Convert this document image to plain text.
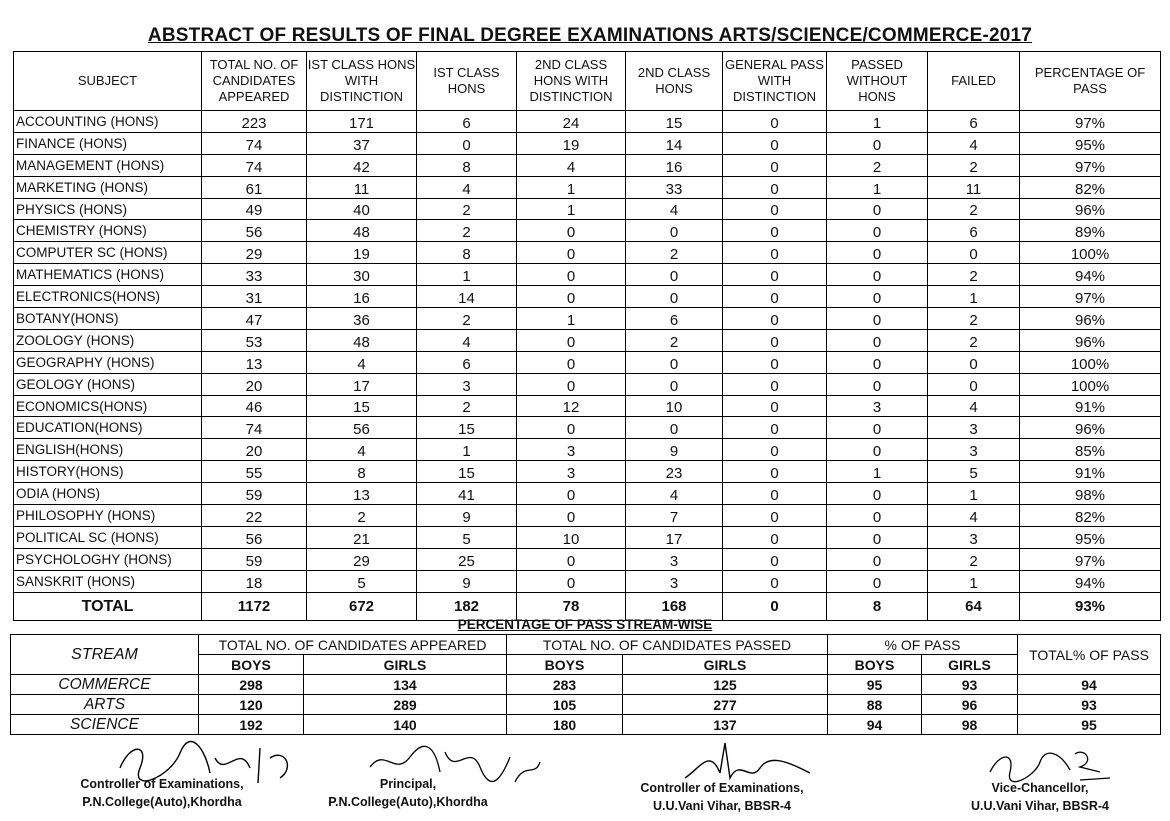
ABSTRACT OF RESULTS OF FINAL DEGREE EXAMINATIONS ARTS/SCIENCE/COMMERCE-2017
SUBJECT	TOTAL NO. OF CANDIDATES APPEARED	IST CLASS HONS WITH DISTINCTION	IST CLASS HONS	2ND CLASS HONS WITH DISTINCTION	2ND CLASS HONS	GENERAL PASS WITH DISTINCTION	PASSED WITHOUT HONS	FAILED	PERCENTAGE OF PASS
ACCOUNTING (HONS)	223	171	6	24	15	0	1	6	97%
FINANCE (HONS)	74	37	0	19	14	0	0	4	95%
MANAGEMENT (HONS)	74	42	8	4	16	0	2	2	97%
MARKETING (HONS)	61	11	4	1	33	0	1	11	82%
PHYSICS (HONS)	49	40	2	1	4	0	0	2	96%
CHEMISTRY (HONS)	56	48	2	0	0	0	0	6	89%
COMPUTER SC (HONS)	29	19	8	0	2	0	0	0	100%
MATHEMATICS (HONS)	33	30	1	0	0	0	0	2	94%
ELECTRONICS(HONS)	31	16	14	0	0	0	0	1	97%
BOTANY(HONS)	47	36	2	1	6	0	0	2	96%
ZOOLOGY (HONS)	53	48	4	0	2	0	0	2	96%
GEOGRAPHY (HONS)	13	4	6	0	0	0	0	0	100%
GEOLOGY (HONS)	20	17	3	0	0	0	0	0	100%
ECONOMICS(HONS)	46	15	2	12	10	0	3	4	91%
EDUCATION(HONS)	74	56	15	0	0	0	0	3	96%
ENGLISH(HONS)	20	4	1	3	9	0	0	3	85%
HISTORY(HONS)	55	8	15	3	23	0	1	5	91%
ODIA (HONS)	59	13	41	0	4	0	0	1	98%
PHILOSOPHY (HONS)	22	2	9	0	7	0	0	4	82%
POLITICAL SC (HONS)	56	21	5	10	17	0	0	3	95%
PSYCHOLOGHY (HONS)	59	29	25	0	3	0	0	2	97%
SANSKRIT (HONS)	18	5	9	0	3	0	0	1	94%
TOTAL	1172	672	182	78	168	0	8	64	93%
PERCENTAGE OF PASS STREAM-WISE
STREAM	TOTAL NO. OF CANDIDATES APPEARED		TOTAL NO. OF CANDIDATES PASSED		% OF PASS		TOTAL% OF PASS
	BOYS	GIRLS	BOYS	GIRLS	BOYS	GIRLS	
COMMERCE	298	134	283	125	95	93	94
ARTS	120	289	105	277	88	96	93
SCIENCE	192	140	180	137	94	98	95
Controller of Examinations,
P.N.College(Auto),Khordha
Principal,
P.N.College(Auto),Khordha
Controller of Examinations,
U.U.Vani Vihar, BBSR-4
Vice-Chancellor,
U.U.Vani Vihar, BBSR-4
